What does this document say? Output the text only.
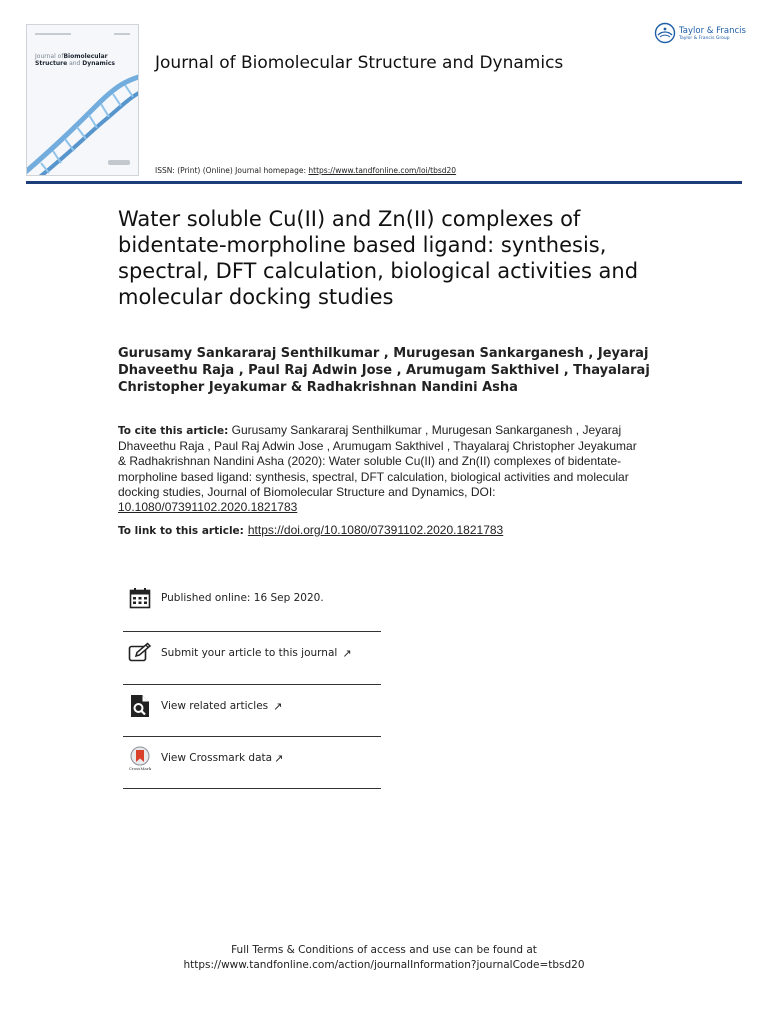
Journal ofBiomolecular
Structure and Dynamics Journal of Biomolecular Structure and Dynamics
ISSN: (Print) (Online) Journal homepage: https://www.tandfonline.com/loi/tbsd20
Taylor & Francis
Taylor & Francis Group
Water soluble Cu(II) and Zn(II) complexes of bidentate-morpholine based ligand: synthesis, spectral, DFT calculation, biological activities and molecular docking studies
Gurusamy Sankararaj Senthilkumar , Murugesan Sankarganesh , Jeyaraj Dhaveethu Raja , Paul Raj Adwin Jose , Arumugam Sakthivel , Thayalaraj Christopher Jeyakumar & Radhakrishnan Nandini Asha
To cite this article: Gurusamy Sankararaj Senthilkumar , Murugesan Sankarganesh , Jeyaraj Dhaveethu Raja , Paul Raj Adwin Jose , Arumugam Sakthivel , Thayalaraj Christopher Jeyakumar & Radhakrishnan Nandini Asha (2020): Water soluble Cu(II) and Zn(II) complexes of bidentate-morpholine based ligand: synthesis, spectral, DFT calculation, biological activities and molecular docking studies, Journal of Biomolecular Structure and Dynamics, DOI: 10.1080/07391102.2020.1821783
To link to this article: https://doi.org/10.1080/07391102.2020.1821783
Published online: 16 Sep 2020.
Submit your article to this journal ↗︎
View related articles ↗︎
CrossMark
View Crossmark data ↗︎
Full Terms & Conditions of access and use can be found at
https://www.tandfonline.com/action/journalInformation?journalCode=tbsd20
